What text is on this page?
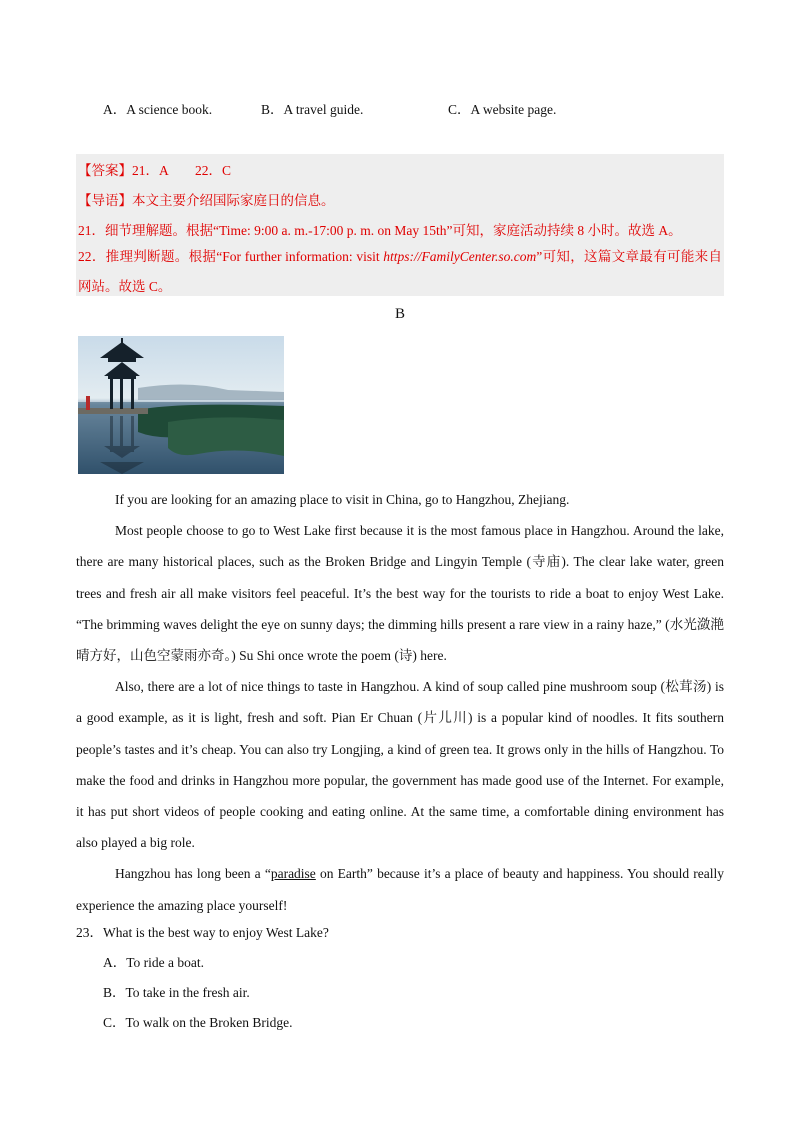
A．A science book.	B．A travel guide.	C．A website page.
【答案】21．A　　22．C
【导语】本文主要介绍国际家庭日的信息。
21．细节理解题。根据“Time: 9:00 a. m.-17:00 p. m. on May 15th”可知，家庭活动持续 8 小时。故选 A。
22．推理判断题。根据“For further information: visit https://FamilyCenter.so.com”可知，这篇文章最有可能来自网站。故选 C。
B

If you are looking for an amazing place to visit in China, go to Hangzhou, Zhejiang.

Most people choose to go to West Lake first because it is the most famous place in Hangzhou. Around the lake, there are many historical places, such as the Broken Bridge and Lingyin Temple (寺庙). The clear lake water, green trees and fresh air all make visitors feel peaceful. It’s the best way for the tourists to ride a boat to enjoy West Lake. “The brimming waves delight the eye on sunny days; the dimming hills present a rare view in a rainy haze,” (水光潋滟晴方好，山色空蒙雨亦奇。) Su Shi once wrote the poem (诗) here.

Also, there are a lot of nice things to taste in Hangzhou. A kind of soup called pine mushroom soup (松茸汤) is a good example, as it is light, fresh and soft. Pian Er Chuan (片儿川) is a popular kind of noodles. It fits southern people’s tastes and it’s cheap. You can also try Longjing, a kind of green tea. It grows only in the hills of Hangzhou. To make the food and drinks in Hangzhou more popular, the government has made good use of the Internet. For example, it has put short videos of people cooking and eating online. At the same time, a comfortable dining environment has also played a big role.

Hangzhou has long been a “paradise on Earth” because it’s a place of beauty and happiness. You should really experience the amazing place yourself!

23．What is the best way to enjoy West Lake?
A．To ride a boat.
B．To take in the fresh air.
C．To walk on the Broken Bridge.
